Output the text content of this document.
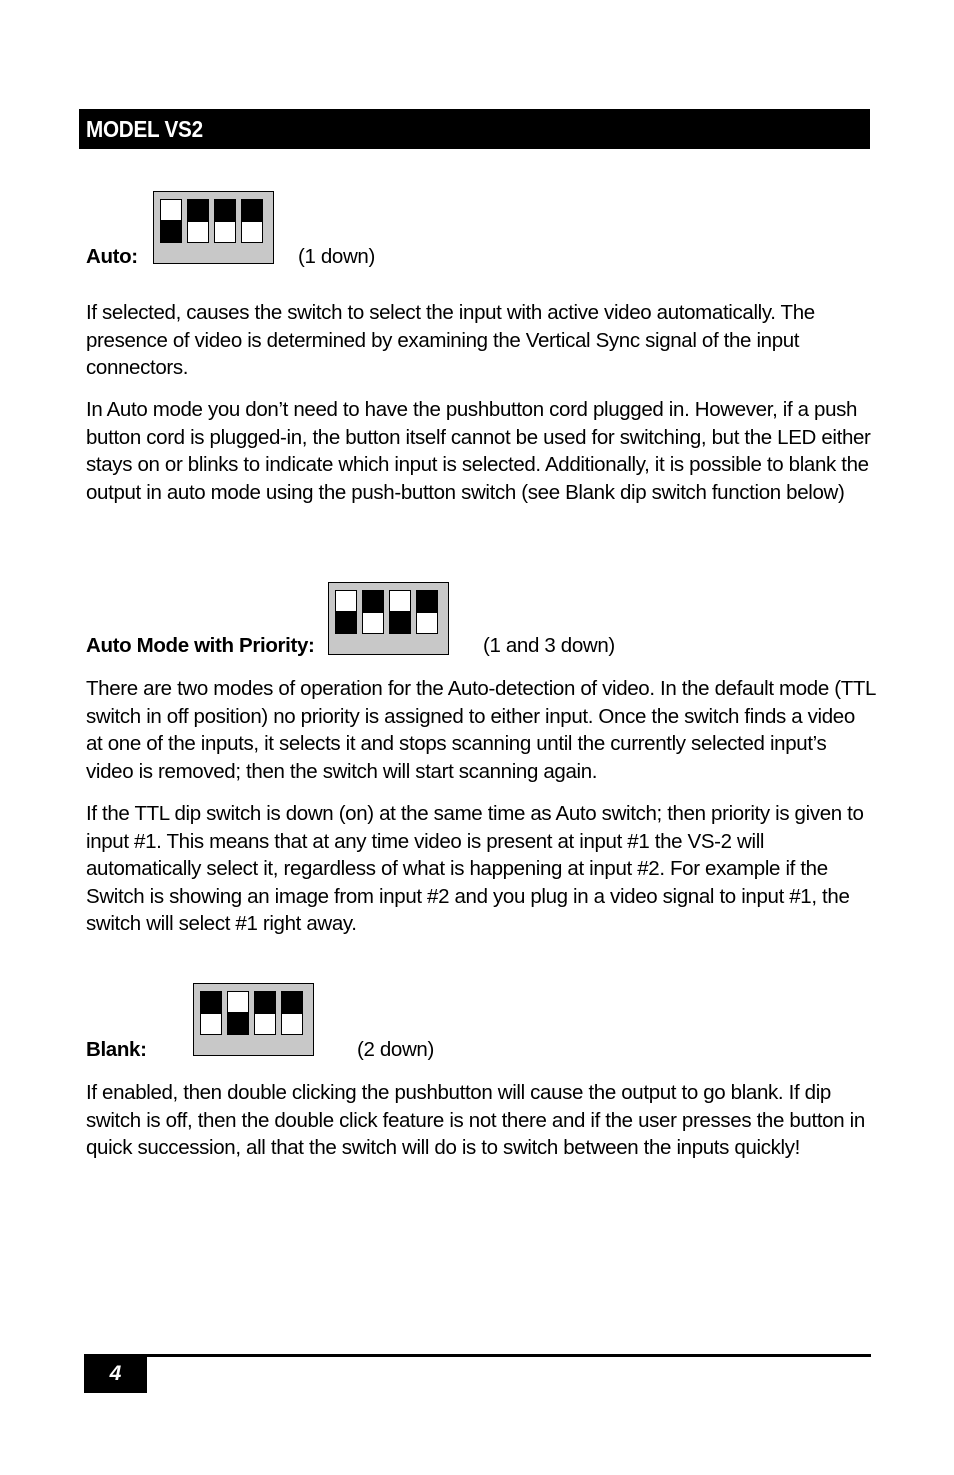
MODEL VS2
Auto:	(1 down)

If selected, causes the switch to select the input with active video automatically. The presence of video is determined by examining the Vertical Sync signal of the input connectors.

In Auto mode you don’t need to have the pushbutton cord plugged in. However, if a push button cord is plugged-in, the button itself cannot be used for switching, but the LED either stays on or blinks to indicate which input is selected. Additionally, it is possible to blank the output in auto mode using the push-button switch (see Blank dip switch function below)

Auto Mode with Priority:	(1 and 3 down)

There are two modes of operation for the Auto-detection of video. In the default mode (TTL switch in off position) no priority is assigned to either input. Once the switch finds a video at one of the inputs, it selects it and stops scanning until the currently selected input’s video is removed; then the switch will start scanning again.

If the TTL dip switch is down (on) at the same time as Auto switch; then priority is given to input #1. This means that at any time video is present at input #1 the VS-2 will automatically select it, regardless of what is happening at input #2. For example if the Switch is showing an image from input #2 and you plug in a video signal to input #1, the switch will select #1 right away.

Blank:	(2 down)

If enabled, then double clicking the pushbutton will cause the output to go blank. If dip switch is off, then the double click feature is not there and if the user presses the button in quick succession, all that the switch will do is to switch between the inputs quickly!

4
